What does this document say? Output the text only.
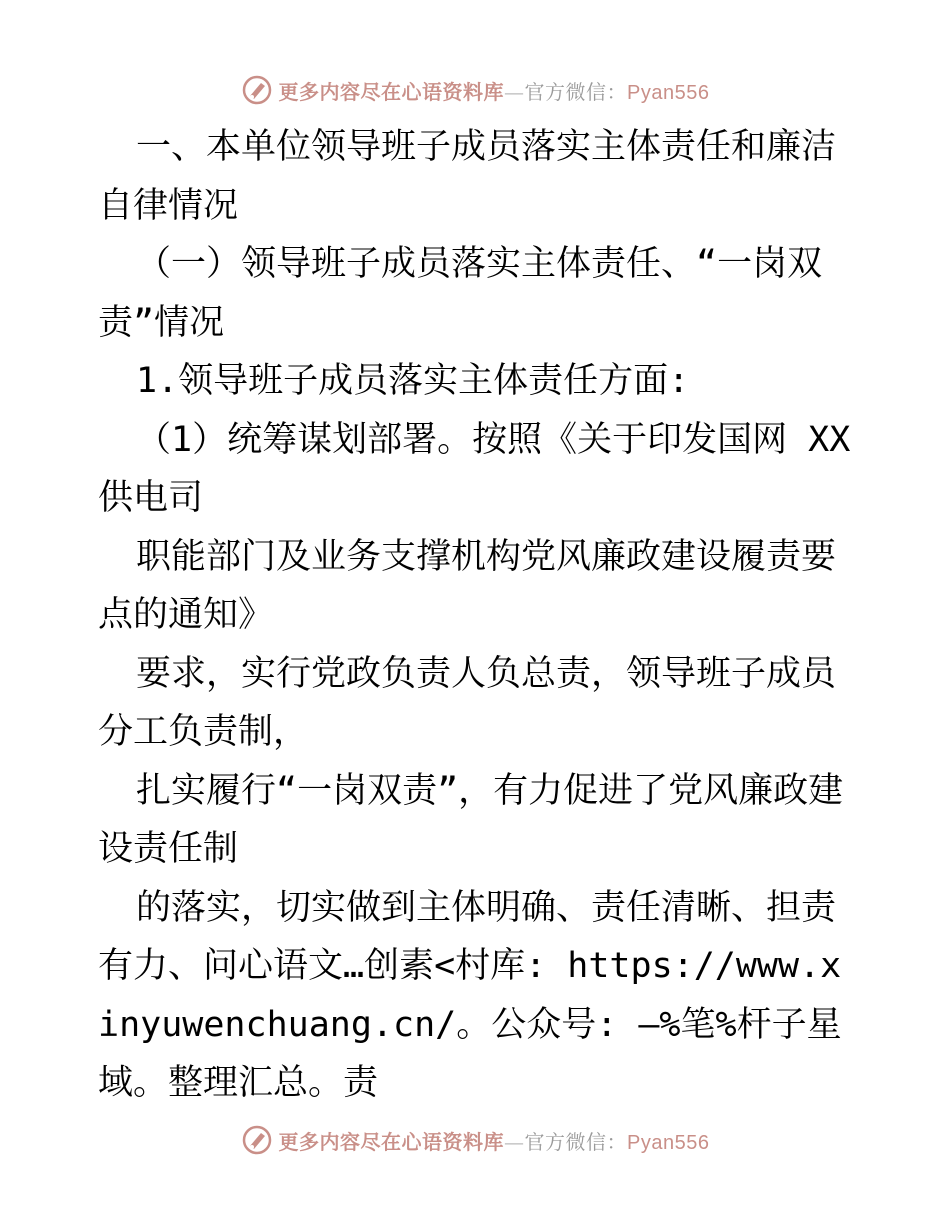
更多内容尽在心语资料库—官方微信：Pyan556

一、本单位领导班子成员落实主体责任和廉洁自律情况

（一）领导班子成员落实主体责任、“一岗双责”情况

1.领导班子成员落实主体责任方面:

（1）统筹谋划部署。按照《关于印发国网 XX 供电司

职能部门及业务支撑机构党风廉政建设履责要点的通知》

要求，实行党政负责人负总责，领导班子成员分工负责制，

扎实履行“一岗双责”，有力促进了党风廉政建设责任制

的落实，切实做到主体明确、责任清晰、担责有力、问心语文…创素<村库: https://www.xinyuwenchuang.cn/。公众号: —%笔%杆子星域。整理汇总。责

更多内容尽在心语资料库—官方微信：Pyan556
